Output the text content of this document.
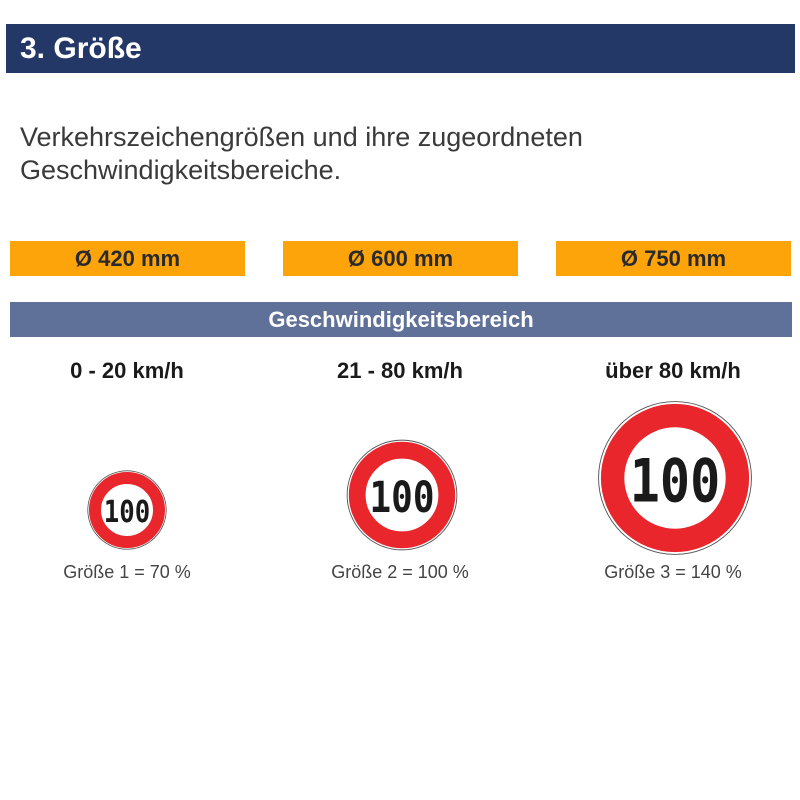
3. Größe
Verkehrszeichengrößen und ihre zugeordneten Geschwindigkeitsbereiche.
Ø 420 mm	Ø 600 mm	Ø 750 mm
Geschwindigkeitsbereich
0 - 20 km/h
100
Größe 1 = 70 %
21 - 80 km/h
100
Größe 2 = 100 %
über 80 km/h
100
Größe 3 = 140 %
